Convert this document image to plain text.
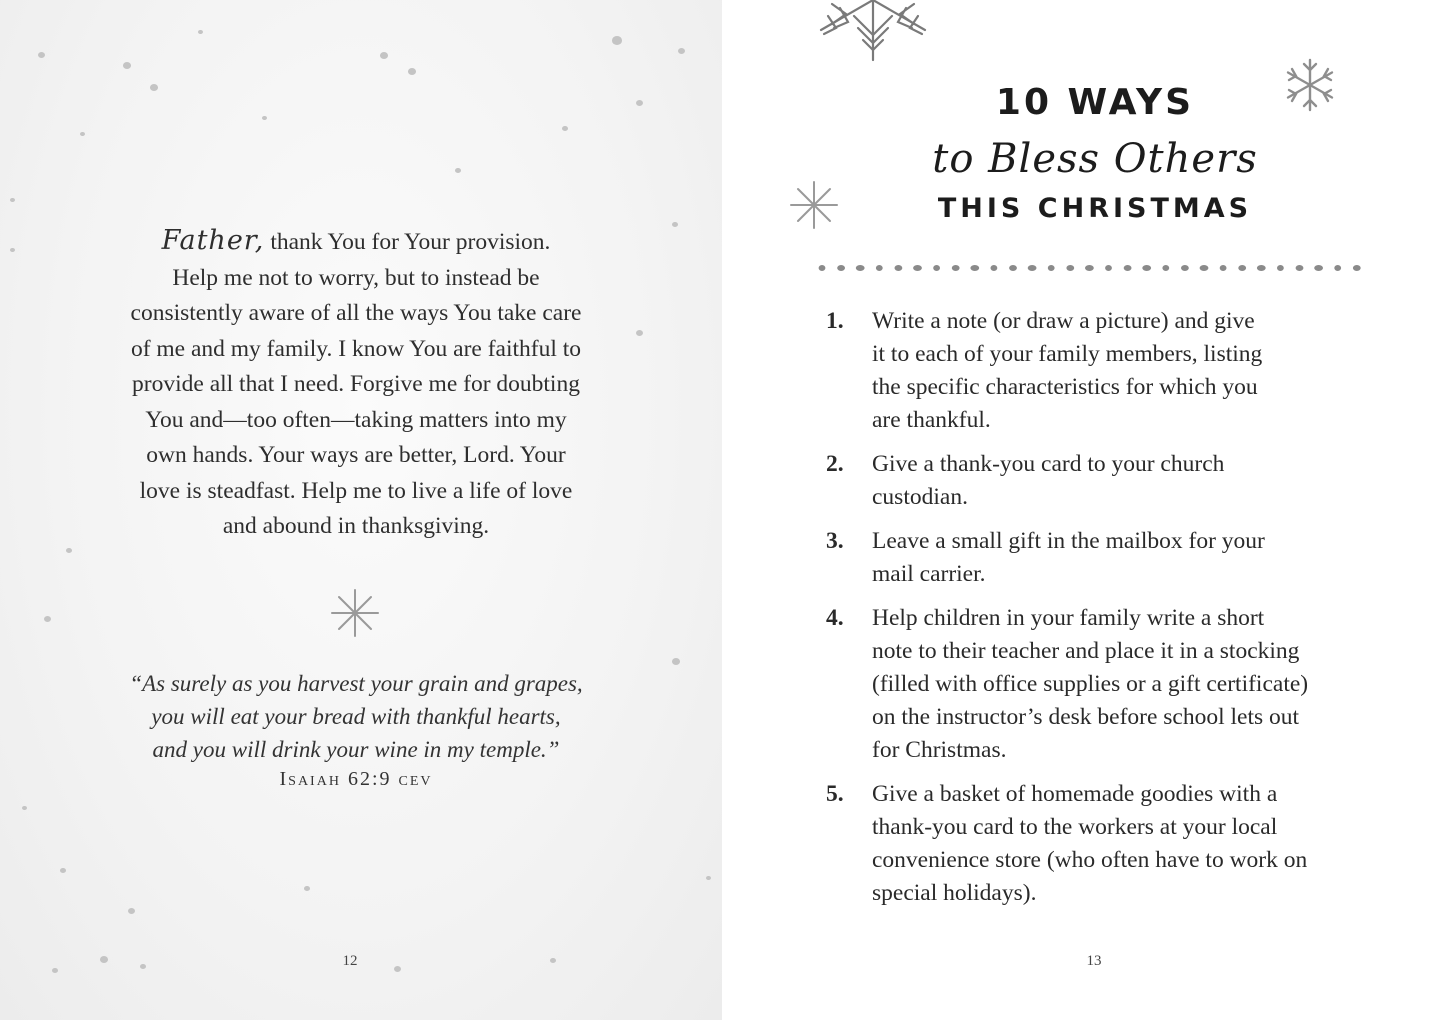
Father, thank You for Your provision.
Help me not to worry, but to instead be
consistently aware of all the ways You take care
of me and my family. I know You are faithful to
provide all that I need. Forgive me for doubting
You and—too often—taking matters into my
own hands. Your ways are better, Lord. Your
love is steadfast. Help me to live a life of love
and abound in thanksgiving.
“As surely as you harvest your grain and grapes,
you will eat your bread with thankful hearts,
and you will drink your wine in my temple.”
Isaiah 62:9 cev
12
10 WAYS
to Bless Others
THIS CHRISTMAS
1. Write a note (or draw a picture) and give
it to each of your family members, listing
the specific characteristics for which you
are thankful.
2. Give a thank-you card to your church
custodian.
3. Leave a small gift in the mailbox for your
mail carrier.
4. Help children in your family write a short
note to their teacher and place it in a stocking
(filled with office supplies or a gift certificate)
on the instructor’s desk before school lets out
for Christmas.
5. Give a basket of homemade goodies with a
thank-you card to the workers at your local
convenience store (who often have to work on
special holidays).
13
